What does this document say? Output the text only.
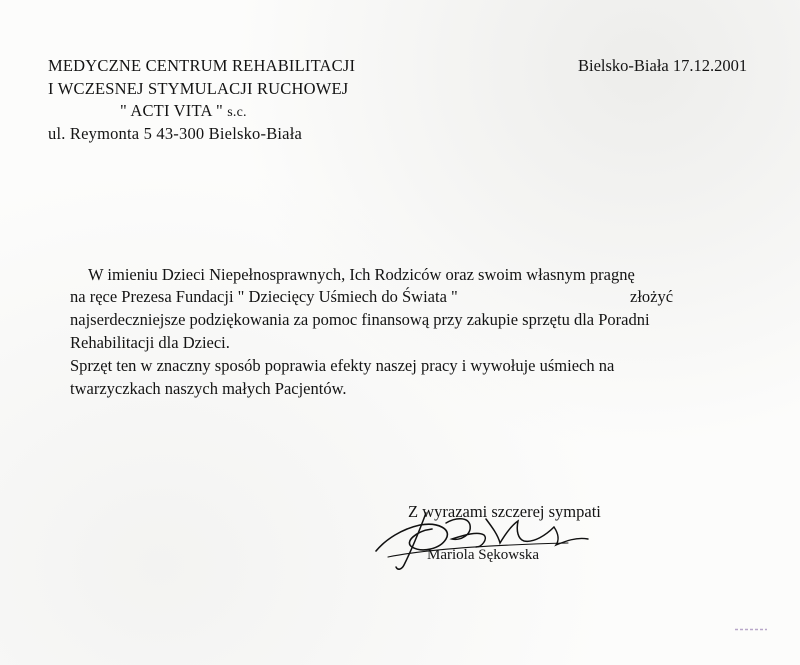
MEDYCZNE CENTRUM REHABILITACJI
I WCZESNEJ STYMULACJI RUCHOWEJ
" ACTI VITA " s.c.
ul. Reymonta 5 43-300 Bielsko-Biała
Bielsko-Biała 17.12.2001
W imieniu Dzieci Niepełnosprawnych, Ich Rodziców oraz swoim własnym pragnę
na ręce Prezesa Fundacji " Dziecięcy Uśmiech do Świata "	złożyć
najserdeczniejsze podziękowania za pomoc finansową przy zakupie sprzętu dla Poradni
Rehabilitacji dla Dzieci.
Sprzęt ten w znaczny sposób poprawia efekty naszej pracy i wywołuje uśmiech na
twarzyczkach naszych małych Pacjentów.
Z wyrazami szczerej sympati
Mariola Sękowska
